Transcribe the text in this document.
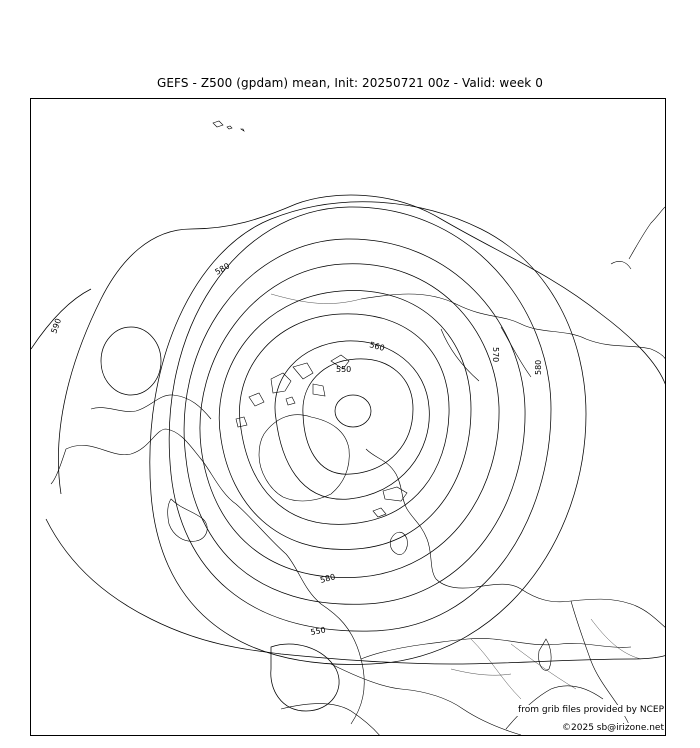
GEFS - Z500 (gpdam) mean, Init: 20250721 00z - Valid: week 0
580
590
560
550
570
580
580
550
from grib files provided by NCEP
©2025 sb@irizone.net
